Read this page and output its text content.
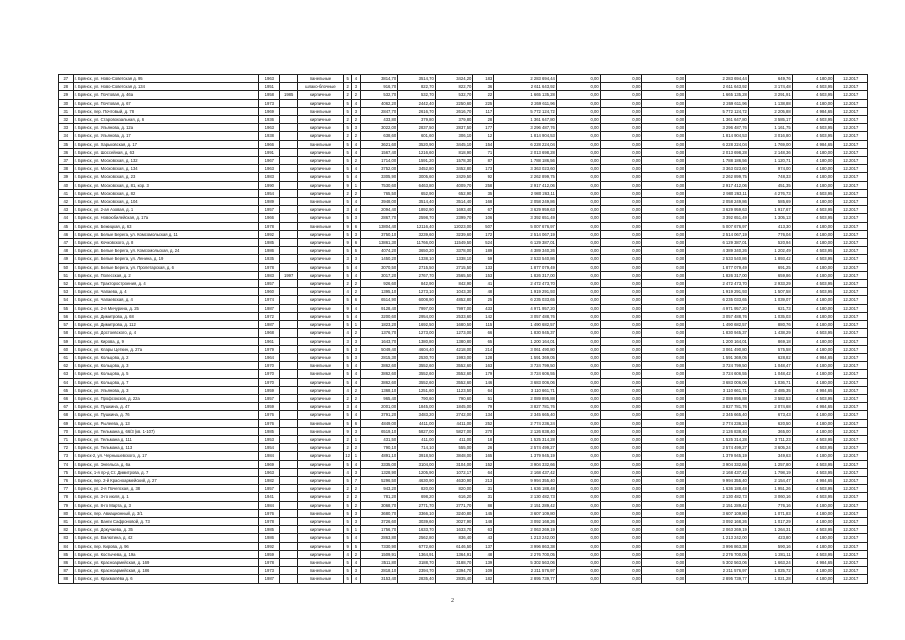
27	г. Брянск, ул. Ново-Советская д. 95	1963		панельные	5	4	3814,70	3514,70	3424,20	183	2 283 694,44	0,00	0,00	0,00	2 283 694,44	649,76	4 180,00	12.2017
28	г. Брянск, ул. Ново-Советская д. 134	1951		шлако-блочные	2	3	916,70	822,70	822,70	36	2 611 643,92	0,00	0,00	0,00	2 611 643,92	3 174,48	4 503,95	12.2017
29	г. Брянск, ул. Почтовая, д. 46а	1958	1985	кирпичные	2	2	532,70	532,70	532,70	22	1 665 135,28	0,00	0,00	0,00	1 665 135,28	3 291,91	4 503,95	12.2017
30	г. Брянск, ул. Почтовая, д. 67	1973		кирпичные	5	4	4062,20	2442,40	2250,60	225	2 269 611,96	0,00	0,00	0,00	2 269 611,96	1 138,88	4 180,00	12.2017
31	г. Брянск, пер. Почтовый, д. 78	1969		панельные	5	3	2847,70	2616,70	2616,70	117	5 772 124,72	0,00	0,00	0,00	5 772 124,72	2 205,88	4 984,65	12.2017
32	г. Брянск, ул. Старовокзальная, д. 6	1936		кирпичные	2	2	433,80	379,80	379,80	28	1 361 647,80	0,00	0,00	0,00	1 361 647,80	3 585,17	4 503,95	12.2017
33	г. Брянск, ул. Ульянова, д. 12а	1963		кирпичные	5	3	3022,00	2837,50	2837,50	177	3 296 487,76	0,00	0,00	0,00	3 296 487,76	1 161,75	4 503,95	12.2017
34	г. Брянск, ул. Ульянова, д. 17	1938		кирпичные	2	2	638,60	601,60	306,10	12	1 814 904,53	0,00	0,00	0,00	1 814 904,53	3 016,80	4 503,95	12.2017
35	г. Брянск, ул. Харьковская, д. 17	1966		панельные	5	4	3621,60	3520,90	3445,10	154	6 228 224,04	0,00	0,00	0,00	6 228 224,04	1 769,00	4 984,65	12.2017
36	г. Брянск, ул. Шоссейная, д. 63	1991		кирпичные	5	4	1567,40	1216,60	818,90	71	2 013 698,28	0,00	0,00	0,00	2 013 698,28	2 148,36	4 180,00	12.2017
37	г. Брянск, ул. Московская, д. 132	1967		кирпичные	5	2	1714,00	1591,20	1578,30	87	1 788 186,56	0,00	0,00	0,00	1 788 186,56	1 120,71	4 180,00	12.2017
38	г. Брянск, ул. Московская, д. 134	1963		кирпичные	5	4	3752,00	3452,80	3452,80	173	3 363 023,60	0,00	0,00	0,00	3 363 023,60	974,00	4 180,00	12.2017
39	г. Брянск, ул. Московская, д. 23	1983		кирпичные	5	4	3305,90	3005,60	2429,50	92	2 262 899,75	0,00	0,00	0,00	2 262 899,75	748,33	4 180,00	12.2017
40	г. Брянск, ул. Московская, д. 81, кор. 3	1990		кирпичные	9	1	7530,60	6463,80	4009,70	258	2 917 412,06	0,00	0,00	0,00	2 917 412,06	451,35	4 180,00	12.2017
41	г. Брянск, ул. Московская, д. 82	1954		кирпичные	2	2	765,50	652,90	652,90	35	2 980 263,11	0,00	0,00	0,00	2 980 263,11	4 276,73	4 503,95	12.2017
42	г. Брянск, ул. Московская, д. 104	1989		панельные	5	4	3948,00	3514,40	3514,40	168	2 058 249,86	0,00	0,00	0,00	2 058 249,86	585,69	4 180,00	12.2017
43	г. Брянск, ул. 2-ая Азовая, д. 1	1957		кирпичные	3	4	2094,40	1892,90	1693,40	67	3 629 959,63	0,00	0,00	0,00	3 629 959,63	1 917,67	4 503,95	12.2017
44	г. Брянск, ул. Новоюбилейская, д. 17а	1966		кирпичные	5	3	2867,70	2598,70	2399,70	106	3 392 651,49	0,00	0,00	0,00	3 392 651,49	1 305,13	4 503,95	12.2017
45	г. Брянск, ул. Бежицкая, д. 63	1978		панельные	9	6	13804,40	12116,40	12023,00	507	5 007 676,97	0,00	0,00	0,00	5 007 676,97	413,30	4 180,00	12.2017
46	г. Брянск, ул. Белые Берега, ул. Комсомольская д. 11	1992		кирпичные	5	3	3750,10	3239,60	3239,60	172	2 514 067,19	0,00	0,00	0,00	2 514 067,19	776,04	4 180,00	12.2017
47	г. Брянск, ул. Кочковского, д. 8	1985		кирпичные	9	6	13861,30	11766,00	11549,50	524	6 129 387,01	0,00	0,00	0,00	6 129 387,01	520,94	4 180,00	12.2017
48	г. Брянск, рп. Белые Берега, ул. Комсомольская, д. 24	1986		кирпичные	5	5	4074,20	3650,20	3378,00	189	4 389 340,26	0,00	0,00	0,00	4 389 340,26	1 202,49	4 503,95	12.2017
49	г. Брянск, рп. Белые Берега, ул. Ленина, д. 19	1935		кирпичные	3	3	1450,20	1338,10	1338,10	59	2 533 540,86	0,00	0,00	0,00	2 533 540,86	1 893,42	4 503,95	12.2017
50	г. Брянск, рп. Белые Берега, ул. Пролетарская, д. 6	1978		кирпичные	5	4	3070,50	2715,50	2715,50	133	1 877 079,49	0,00	0,00	0,00	1 877 079,49	691,25	4 180,00	12.2017
51	г. Брянск, ул. Полесская, д. 2	1983	1997	кирпичные	5	4	3017,20	2767,70	2565,50	153	1 826 317,00	0,00	0,00	0,00	1 826 317,00	659,86	4 180,00	12.2017
52	г. Брянск, ул. Тракторостроения, д. 4	1957		кирпичные	2	2	926,60	842,90	842,90	41	2 472 473,70	0,00	0,00	0,00	2 472 473,70	2 933,29	4 503,95	12.2017
53	г. Брянск, ул. Чапаева, д. 4	1960		кирпичные	4	2	1395,10	1273,10	1043,30	48	1 919 291,93	0,00	0,00	0,00	1 919 291,93	1 507,58	4 503,95	12.2017
54	г. Брянск, ул. Чапаевская, д. 4	1974		кирпичные	5	6	6514,90	6008,90	4852,80	25	6 235 033,65	0,00	0,00	0,00	6 235 033,65	1 039,07	4 180,00	12.2017
55	г. Брянск, ул. 2-я Мичурина, д. 25	1987		кирпичные	9	4	9128,40	7997,00	7997,00	433	4 971 957,20	0,00	0,00	0,00	4 971 957,20	621,73	4 180,00	12.2017
56	г. Брянск, ул. Димитрова, д. 68	1972		кирпичные	5	4	3200,60	2954,00	2533,60	142	3 057 488,76	0,00	0,00	0,00	3 057 488,76	1 035,03	4 180,00	12.2017
57	г. Брянск, ул. Димитрова, д. 112	1987		кирпичные	5	1	1823,20	1692,50	1680,50	115	1 490 682,57	0,00	0,00	0,00	1 490 682,57	880,76	4 180,00	12.2017
58	г. Брянск, ул. Достоевского, д. 4	1968		кирпичные	4	2	1376,70	1273,00	1273,00	66	1 830 945,37	0,00	0,00	0,00	1 830 945,37	1 438,29	4 503,95	12.2017
59	г. Брянск, ул. Кирова, д. 9	1961		кирпичные	3	3	1643,70	1380,80	1380,80	65	1 200 164,01	0,00	0,00	0,00	1 200 164,01	869,18	4 180,00	12.2017
60	г. Брянск, ул. Клары Цеткин, д. 27а	1979		кирпичные	5	3	5049,40	4604,40	4218,00	214	3 061 490,80	0,00	0,00	0,00	3 061 490,80	575,58	4 180,00	12.2017
61	г. Брянск, ул. Кольцова, д. 2	1964		кирпичные	5	3	2815,30	2530,70	1993,00	128	1 591 369,05	0,00	0,00	0,00	1 591 369,05	628,82	4 984,65	12.2017
62	г. Брянск, ул. Кольцова, д. 3	1970		панельные	5	4	3862,60	3552,60	3552,60	163	3 724 799,50	0,00	0,00	0,00	3 724 799,50	1 048,47	4 180,00	12.2017
63	г. Брянск, ул. Кольцова, д. 5	1970		панельные	5	4	3862,60	3552,60	3552,60	179	3 724 606,55	0,00	0,00	0,00	3 724 606,55	1 048,42	4 180,00	12.2017
64	г. Брянск, ул. Кольцова, д. 7	1970		кирпичные	5	4	3862,60	3552,60	3552,60	146	3 683 006,06	0,00	0,00	0,00	3 683 006,06	1 036,71	4 180,00	12.2017
65	г. Брянск, ул. Ульянова, д. 3	1959		кирпичные	4	2	1368,10	1251,60	1123,50	64	3 110 661,71	0,00	0,00	0,00	3 110 661,71	2 485,35	4 984,65	12.2017
66	г. Брянск, ул. Профсоюзов, д. 22а	1957		кирпичные	2	2	965,40	790,60	790,60	51	2 089 895,88	0,00	0,00	0,00	2 089 895,88	3 582,53	4 503,95	12.2017
67	г. Брянск, ул. Пушкина, д. 47	1959		кирпичные	3	4	2001,00	1845,00	1845,00	79	3 827 781,76	0,00	0,00	0,00	3 827 781,76	2 074,68	4 984,65	12.2017
68	г. Брянск, ул. Пушкина, д. 76	1976		кирпичные	5	4	3791,20	3483,20	2742,00	134	2 345 665,40	0,00	0,00	0,00	2 345 665,40	673,43	4 180,00	12.2017
69	г. Брянск, ул. Рылеева, д. 13	1976		панельные	5	6	4849,00	4411,00	4411,00	252	2 774 236,24	0,00	0,00	0,00	2 774 236,24	620,50	4 180,00	12.2017
70	г. Брянск, ул. Тельмана д. 66/3 (кв. 1-107)	1985		панельные	9	3	6519,10	5827,00	5827,00	270	2 126 838,40	0,00	0,00	0,00	2 126 838,40	365,00	4 180,00	12.2017
71	г. Брянск, ул. Тельмана д. 111	1953		кирпичные	2	1	431,50	411,00	411,00	18	1 525 314,28	0,00	0,00	0,00	1 525 314,28	3 711,23	4 503,95	12.2017
72	г. Брянск, ул. Тельмана д. 113	1954		кирпичные	2	2	790,10	714,10	555,00	26	2 574 499,27	0,00	0,00	0,00	2 574 499,27	3 605,24	4 503,95	12.2017
73	г. Брянск-2, ул. Чернышевского, д. 17	1984		кирпичные	12	1	4891,10	3918,50	3848,00	165	1 379 945,19	0,00	0,00	0,00	1 379 945,19	349,63	4 180,00	12.2017
74	г. Брянск, ул. Энгельса, д. 6а	1969		кирпичные	5	4	3335,00	3104,00	3104,00	152	3 904 332,66	0,00	0,00	0,00	3 904 332,66	1 257,80	4 503,95	12.2017
75	г. Брянск, 1-я пр-д Ст. Димитрова, д. 7	1963		кирпичные	4	3	1328,90	1205,90	1072,17	64	2 168 437,42	0,00	0,00	0,00	2 168 437,42	1 798,19	4 503,95	12.2017
76	г. Брянск, пер. 2-й Красноармейский, д. 27	1982		кирпичные	5	7	5296,50	4630,90	4630,90	213	9 994 355,40	0,00	0,00	0,00	9 994 355,40	2 154,47	4 984,65	12.2017
77	г. Брянск, ул. 2-я Почепская, д. 38	1957		кирпичные	2	2	943,20	820,00	820,00	31	1 636 188,48	0,00	0,00	0,00	1 636 188,48	1 951,26	4 503,95	12.2017
78	г. Брянск, ул. 3-го июля, д. 1	1941		кирпичные	2	2	781,20	698,20	616,20	31	2 130 482,73	0,00	0,00	0,00	2 130 482,73	3 060,16	4 503,95	12.2017
79	г. Брянск, ул. 8-го Марта, д. 3	1984		кирпичные	5	2	3068,70	2771,70	2771,70	88	2 151 289,42	0,00	0,00	0,00	2 151 289,42	776,16	4 180,00	12.2017
80	г. Брянск, пер. Авиационный, д. 3/1	1976		панельные	5	3	3680,70	3366,10	3240,80	145	3 607 109,80	0,00	0,00	0,00	3 607 109,80	1 071,83	4 180,00	12.2017
81	г. Брянск, ул. Ванги Сафроновой, д. 73	1978		кирпичные	5	3	3726,60	3039,60	3027,90	148	3 092 168,26	0,00	0,00	0,00	3 092 168,26	1 017,29	4 180,00	12.2017
82	г. Брянск, ул. Докучаева, д. 35	1985		кирпичные	5	1	1756,70	1633,70	1633,70	63	2 063 269,19	0,00	0,00	0,00	2 063 269,19	1 264,31	4 503,95	12.2017
83	г. Брянск, ул. Емлютина, д. 42	1986		кирпичные	5	4	2863,80	2562,80	836,40	43	1 213 242,00	0,00	0,00	0,00	1 213 242,00	423,80	4 180,00	12.2017
84	г. Брянск, пер. Кирова, д. 96	1992		кирпичные	9	5	7330,90	6772,60	6146,50	137	3 996 863,38	0,00	0,00	0,00	3 996 863,38	590,16	4 180,00	12.2017
85	г. Брянск, ул. Костычева, д. 19а	1959		кирпичные	4	2	1509,91	1364,91	1364,91	48	2 276 700,05	0,00	0,00	0,00	2 276 700,05	1 281,11	4 503,95	12.2017
86	г. Брянск, ул. Красноармейская, д. 169	1978		панельные	5	4	3511,80	3188,70	3188,70	139	5 302 563,06	0,00	0,00	0,00	5 302 563,06	1 663,24	4 984,65	12.2017
87	г. Брянск, ул. Красноармейская, д. 186	1973		панельные	5	3	2818,10	2394,70	2394,70	109	2 211 576,97	0,00	0,00	0,00	2 211 576,97	1 025,72	4 180,00	12.2017
88	г. Брянск, ул. Крахмалёва д. 6	1987		панельные	5	4	3153,40	2835,40	2835,40	182	2 895 739,77	0,00	0,00	0,00	2 895 739,77	1 021,28	4 180,00	12.2017
2
